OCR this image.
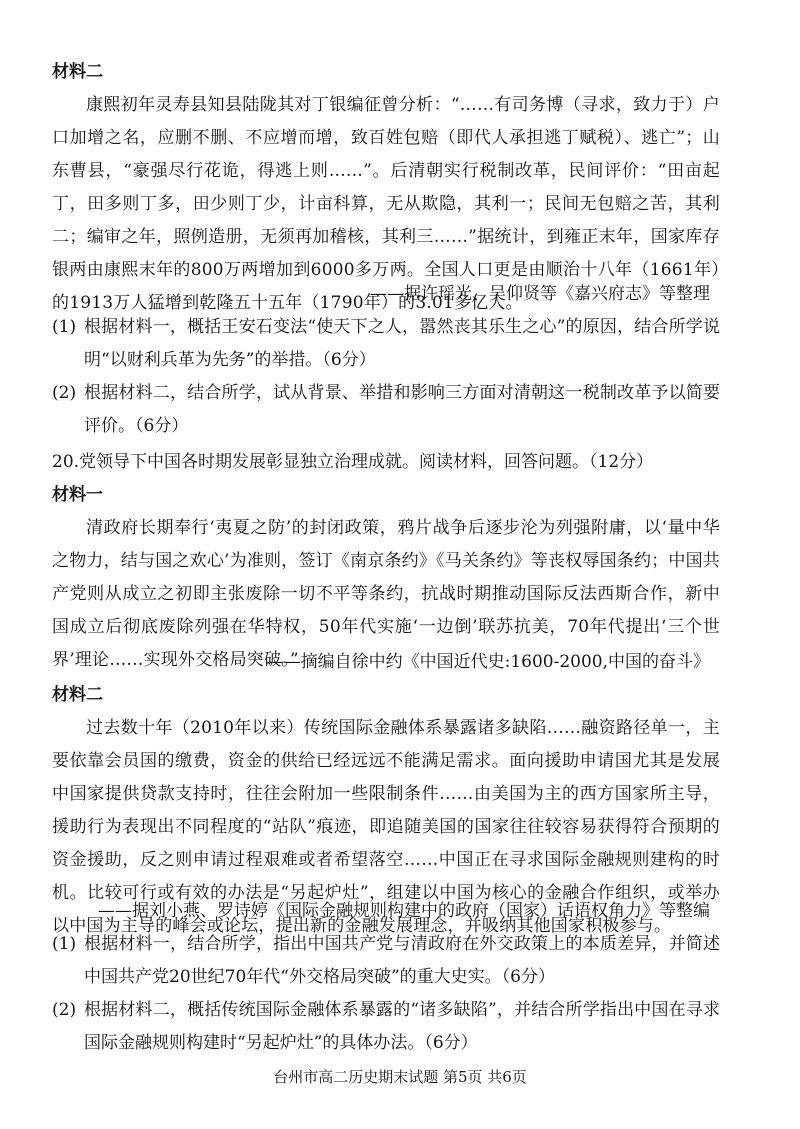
材料二
康熙初年灵寿县知县陆陇其对丁银编征曾分析：“……有司务博（寻求，致力于）户口加增之名，应删不删、不应增而增，致百姓包赔（即代人承担逃丁赋税）、逃亡”；山东曹县，“豪强尽行花诡，得逃上则……”。后清朝实行税制改革，民间评价：“田亩起丁，田多则丁多，田少则丁少，计亩科算，无从欺隐，其利一；民间无包赔之苦，其利二；编审之年，照例造册，无须再加稽核，其利三……”据统计，到雍正末年，国家库存银两由康熙末年的800万两增加到6000多万两。全国人口更是由顺治十八年（1661年）的1913万人猛增到乾隆五十五年（1790年）的3.01多亿人。
——据许瑶光、吴仰贤等《嘉兴府志》等整理
(1) 根据材料一，概括王安石变法“使天下之人，嚣然丧其乐生之心”的原因，结合所学说明“以财利兵革为先务”的举措。（6分）
(2) 根据材料二，结合所学，试从背景、举措和影响三方面对清朝这一税制改革予以简要评价。（6分）
20.党领导下中国各时期发展彰显独立治理成就。阅读材料，回答问题。（12分）
材料一
清政府长期奉行‘夷夏之防’的封闭政策，鸦片战争后逐步沦为列强附庸，以‘量中华之物力，结与国之欢心’为准则，签订《南京条约》《马关条约》等丧权辱国条约；中国共产党则从成立之初即主张废除一切不平等条约，抗战时期推动国际反法西斯合作，新中国成立后彻底废除列强在华特权，50年代实施‘一边倒’联苏抗美，70年代提出‘三个世界’理论……实现外交格局突破。”
——摘编自徐中约《中国近代史:1600-2000,中国的奋斗》
材料二
过去数十年（2010年以来）传统国际金融体系暴露诸多缺陷……融资路径单一，主要依靠会员国的缴费，资金的供给已经远远不能满足需求。面向援助申请国尤其是发展中国家提供贷款支持时，往往会附加一些限制条件……由美国为主的西方国家所主导，援助行为表现出不同程度的“站队”痕迹，即追随美国的国家往往较容易获得符合预期的资金援助，反之则申请过程艰难或者希望落空……中国正在寻求国际金融规则建构的时机。比较可行或有效的办法是“另起炉灶”，组建以中国为核心的金融合作组织，或举办以中国为主导的峰会或论坛，提出新的金融发展理念，并吸纳其他国家积极参与。
——据刘小燕、罗诗婷《国际金融规则构建中的政府（国家）话语权角力》等整编
(1) 根据材料一，结合所学，指出中国共产党与清政府在外交政策上的本质差异，并简述中国共产党20世纪70年代“外交格局突破”的重大史实。（6分）
(2) 根据材料二，概括传统国际金融体系暴露的“诸多缺陷”，并结合所学指出中国在寻求国际金融规则构建时“另起炉灶”的具体办法。（6分）
台州市高二历史期末试题 第5页 共6页
